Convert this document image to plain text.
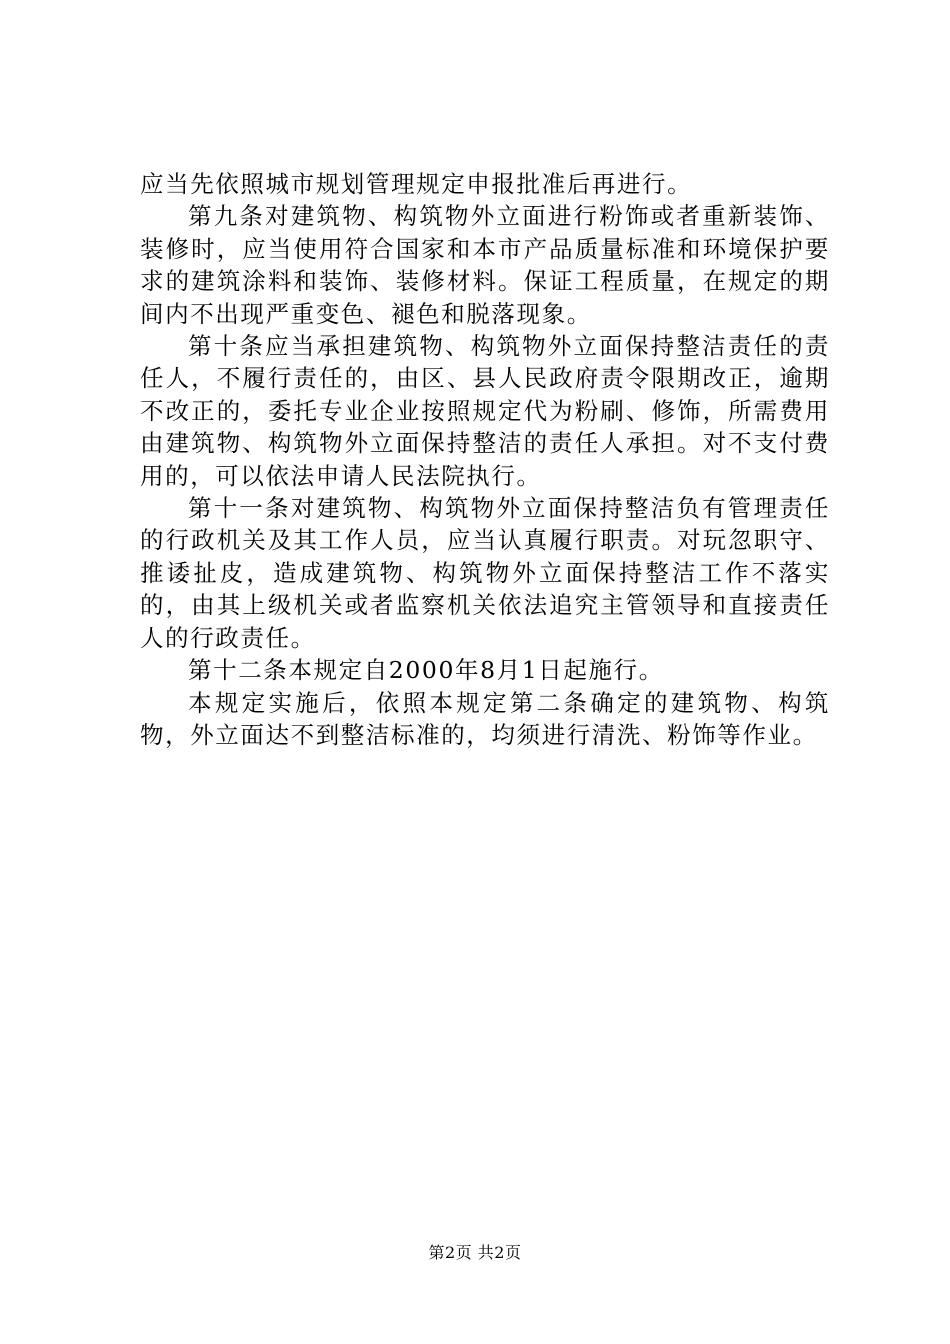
应当先依照城市规划管理规定申报批准后再进行。

第九条对建筑物、构筑物外立面进行粉饰或者重新装饰、装修时，应当使用符合国家和本市产品质量标准和环境保护要求的建筑涂料和装饰、装修材料。保证工程质量，在规定的期间内不出现严重变色、褪色和脱落现象。

第十条应当承担建筑物、构筑物外立面保持整洁责任的责任人，不履行责任的，由区、县人民政府责令限期改正，逾期不改正的，委托专业企业按照规定代为粉刷、修饰，所需费用由建筑物、构筑物外立面保持整洁的责任人承担。对不支付费用的，可以依法申请人民法院执行。

第十一条对建筑物、构筑物外立面保持整洁负有管理责任的行政机关及其工作人员，应当认真履行职责。对玩忽职守、推诿扯皮，造成建筑物、构筑物外立面保持整洁工作不落实的，由其上级机关或者监察机关依法追究主管领导和直接责任人的行政责任。

第十二条本规定自2000年8月1日起施行。

本规定实施后，依照本规定第二条确定的建筑物、构筑物，外立面达不到整洁标准的，均须进行清洗、粉饰等作业。

第2页 共2页
